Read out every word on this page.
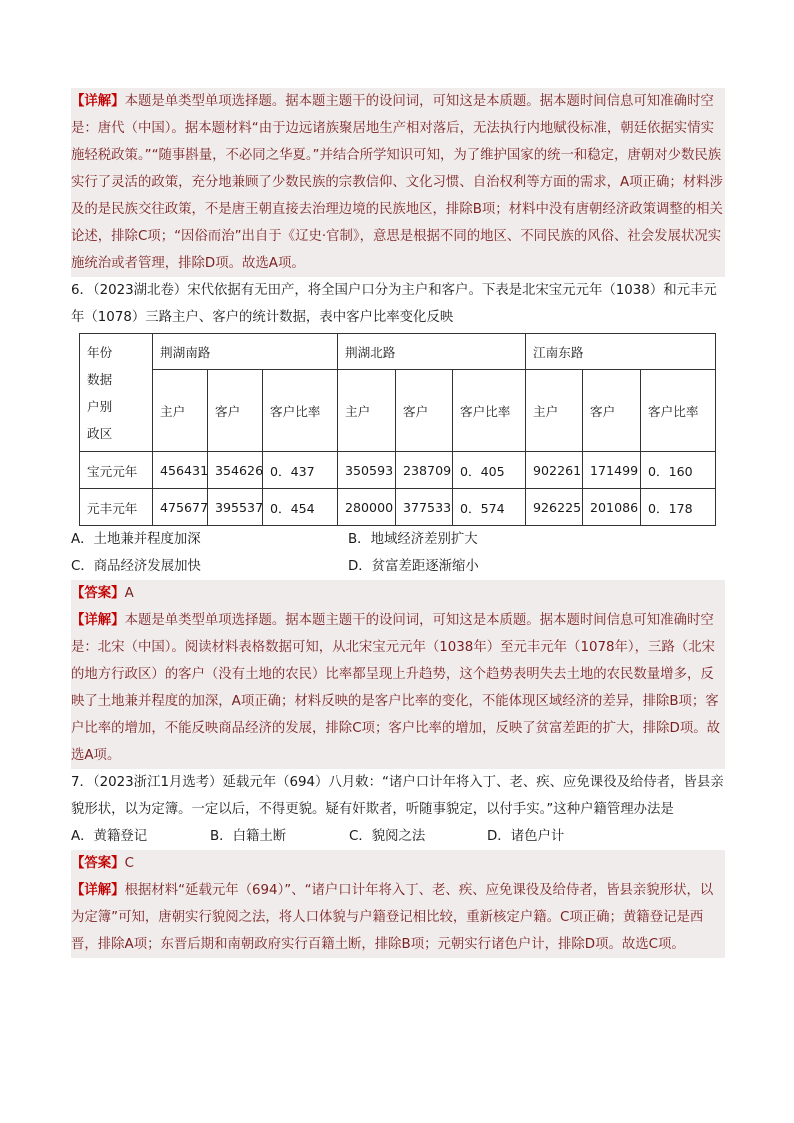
【详解】本题是单类型单项选择题。据本题主题干的设问词，可知这是本质题。据本题时间信息可知准确时空是：唐代（中国）。据本题材料“由于边远诸族聚居地生产相对落后，无法执行内地赋役标准，朝廷依据实情实施轻税政策。”“随事斟量，不必同之华夏。”并结合所学知识可知，为了维护国家的统一和稳定，唐朝对少数民族实行了灵活的政策，充分地兼顾了少数民族的宗教信仰、文化习惯、自治权利等方面的需求，A项正确；材料涉及的是民族交往政策，不是唐王朝直接去治理边境的民族地区，排除B项；材料中没有唐朝经济政策调整的相关论述，排除C项；“因俗而治”出自于《辽史·官制》，意思是根据不同的地区、不同民族的风俗、社会发展状况实施统治或者管理，排除D项。故选A项。

6．（2023湖北卷）宋代依据有无田产，将全国户口分为主户和客户。下表是北宋宝元元年（1038）和元丰元年（1078）三路主户、客户的统计数据，表中客户比率变化反映

年份
数据
户别
政区	荆湖南路			荆湖北路			江南东路		
	主户	客户	客户比率	主户	客户	客户比率	主户	客户	客户比率
宝元元年	456431	354626	0．437	350593	238709	0．405	902261	171499	0．160
元丰元年	475677	395537	0．454	280000	377533	0．574	926225	201086	0．178
A．土地兼并程度加深	B．地域经济差别扩大
C．商品经济发展加快	D．贫富差距逐渐缩小

【答案】A

【详解】本题是单类型单项选择题。据本题主题干的设问词，可知这是本质题。据本题时间信息可知准确时空是：北宋（中国）。阅读材料表格数据可知，从北宋宝元元年（1038年）至元丰元年（1078年），三路（北宋的地方行政区）的客户（没有土地的农民）比率都呈现上升趋势，这个趋势表明失去土地的农民数量增多，反映了土地兼并程度的加深，A项正确；材料反映的是客户比率的变化，不能体现区域经济的差异，排除B项；客户比率的增加，不能反映商品经济的发展，排除C项；客户比率的增加，反映了贫富差距的扩大，排除D项。故选A项。

7．（2023浙江1月选考）延载元年（694）八月敕：“诸户口计年将入丁、老、疾、应免课役及给侍者，皆县亲貌形状，以为定簿。一定以后，不得更貌。疑有奸欺者，听随事貌定，以付手实。”这种户籍管理办法是

A．黄籍登记	B．白籍土断	C．貌阅之法	D．诸色户计

【答案】C

【详解】根据材料“延载元年（694）”、“诸户口计年将入丁、老、疾、应免课役及给侍者，皆县亲貌形状，以为定簿”可知，唐朝实行貌阅之法，将人口体貌与户籍登记相比较，重新核定户籍。C项正确；黄籍登记是西晋，排除A项；东晋后期和南朝政府实行百籍土断，排除B项；元朝实行诸色户计，排除D项。故选C项。
